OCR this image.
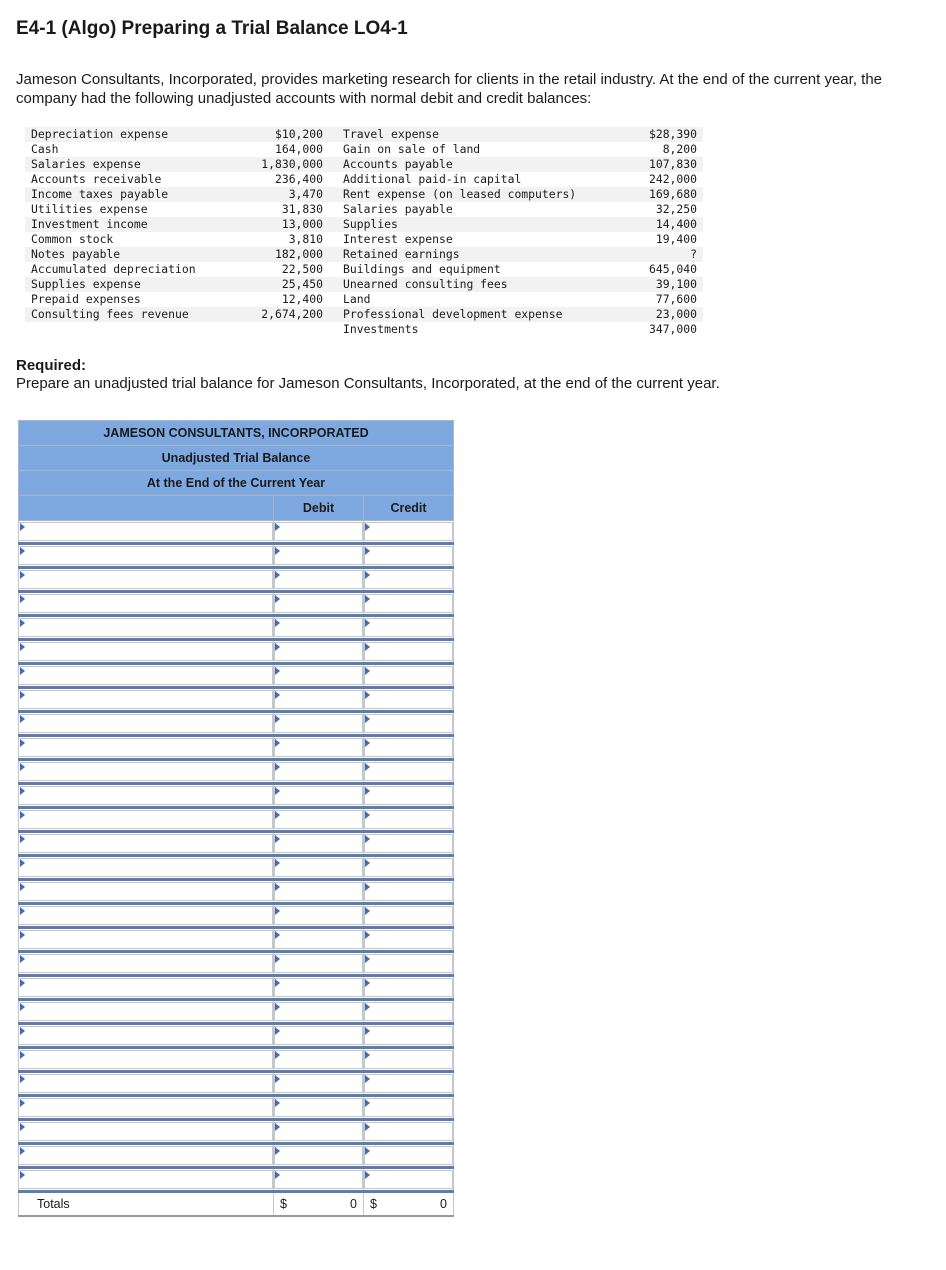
E4-1 (Algo) Preparing a Trial Balance LO4-1

Jameson Consultants, Incorporated, provides marketing research for clients in the retail industry. At the end of the current year, the company had the following unadjusted accounts with normal debit and credit balances:

Depreciation expense	$10,200	Travel expense	$28,390
Cash	164,000	Gain on sale of land	8,200
Salaries expense	1,830,000	Accounts payable	107,830
Accounts receivable	236,400	Additional paid-in capital	242,000
Income taxes payable	3,470	Rent expense (on leased computers)	169,680
Utilities expense	31,830	Salaries payable	32,250
Investment income	13,000	Supplies	14,400
Common stock	3,810	Interest expense	19,400
Notes payable	182,000	Retained earnings	?
Accumulated depreciation	22,500	Buildings and equipment	645,040
Supplies expense	25,450	Unearned consulting fees	39,100
Prepaid expenses	12,400	Land	77,600
Consulting fees revenue	2,674,200	Professional development expense	23,000
		Investments	347,000

Required:

Prepare an unadjusted trial balance for Jameson Consultants, Incorporated, at the end of the current year.

JAMESON CONSULTANTS, INCORPORATED		
Unadjusted Trial Balance		
At the End of the Current Year		
	Debit	Credit

Totals	$ 0	$ 0
